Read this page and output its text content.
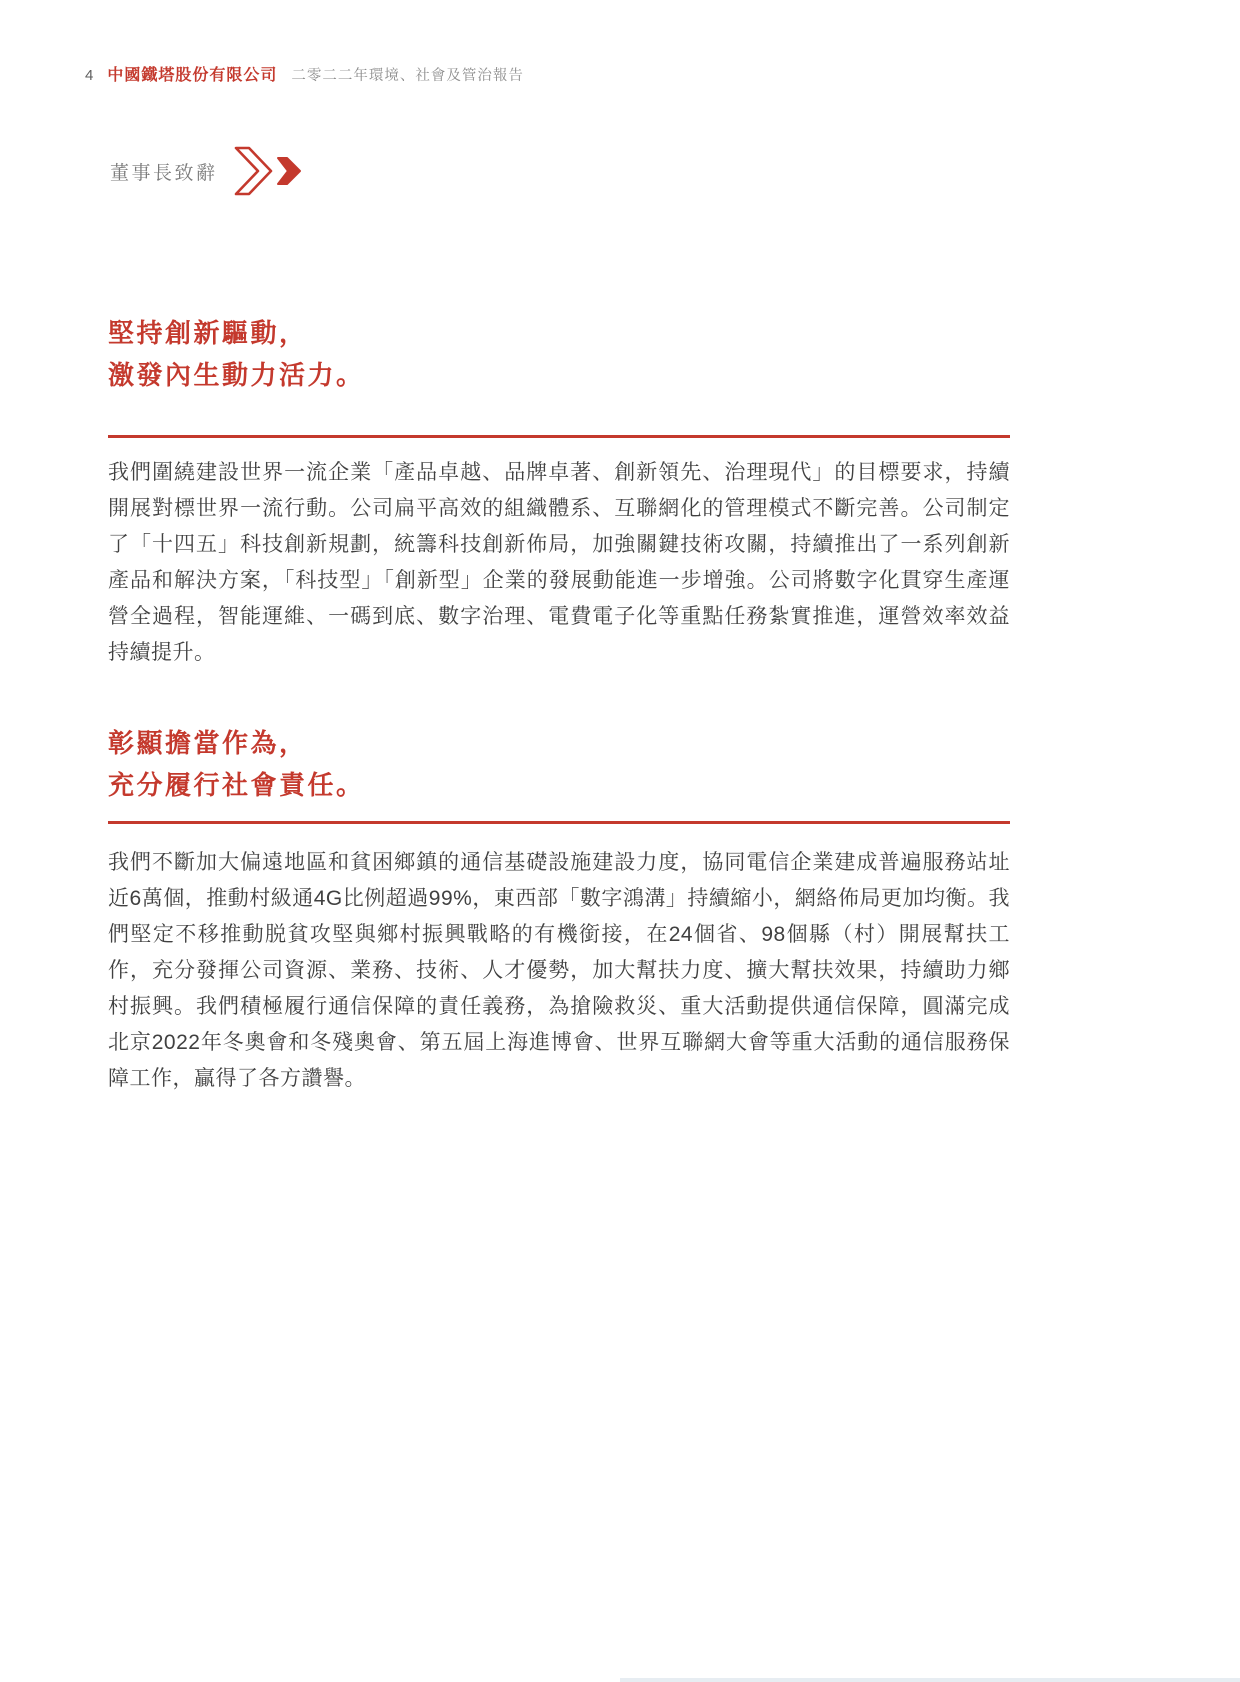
4 中國鐵塔股份有限公司 二零二二年環境、社會及管治報告
董事長致辭
堅持創新驅動，
激發內生動力活力。

我們圍繞建設世界一流企業「產品卓越、品牌卓著、創新領先、治理現代」的目標要求，持續開展對標世界一流行動。公司扁平高效的組織體系、互聯網化的管理模式不斷完善。公司制定了「十四五」科技創新規劃，統籌科技創新佈局，加強關鍵技術攻關，持續推出了一系列創新產品和解決方案，「科技型」「創新型」企業的發展動能進一步增強。公司將數字化貫穿生產運營全過程，智能運維、一碼到底、數字治理、電費電子化等重點任務紮實推進，運營效率效益持續提升。

彰顯擔當作為，
充分履行社會責任。

我們不斷加大偏遠地區和貧困鄉鎮的通信基礎設施建設力度，協同電信企業建成普遍服務站址近6萬個，推動村級通4G比例超過99%，東西部「數字鴻溝」持續縮小，網絡佈局更加均衡。我們堅定不移推動脱貧攻堅與鄉村振興戰略的有機銜接，在24個省、98個縣（村）開展幫扶工作，充分發揮公司資源、業務、技術、人才優勢，加大幫扶力度、擴大幫扶效果，持續助力鄉村振興。我們積極履行通信保障的責任義務，為搶險救災、重大活動提供通信保障，圓滿完成北京2022年冬奧會和冬殘奧會、第五屆上海進博會、世界互聯網大會等重大活動的通信服務保障工作，贏得了各方讚譽。
